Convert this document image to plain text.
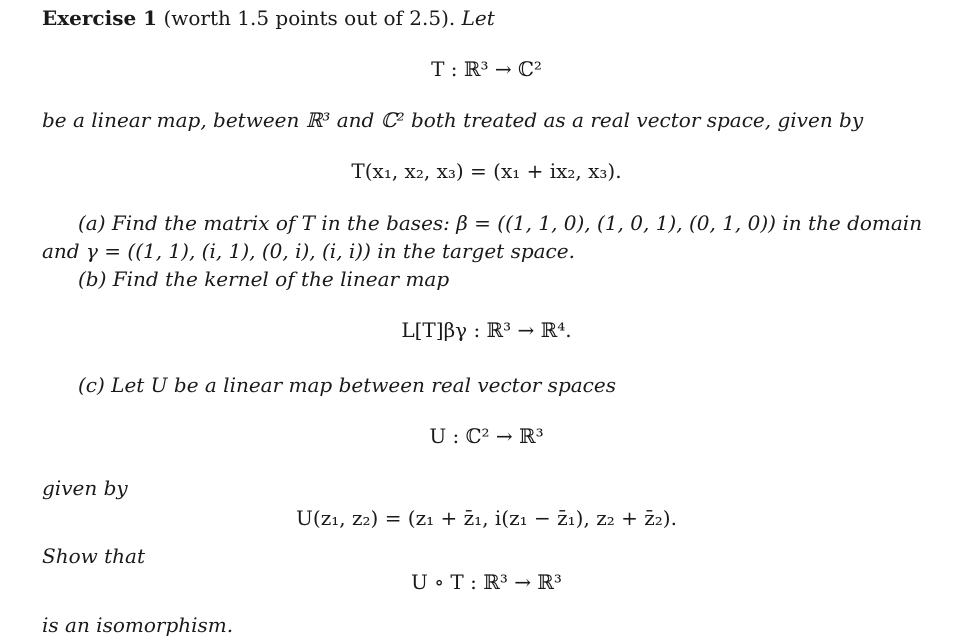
Exercise 1 (worth 1.5 points out of 2.5). Let
T : ℝ³ → ℂ²
be a linear map, between ℝ³ and ℂ² both treated as a real vector space, given by
T(x₁, x₂, x₃) = (x₁ + ix₂, x₃).
(a) Find the matrix of T in the bases: β = ((1, 1, 0), (1, 0, 1), (0, 1, 0)) in the domain
and γ = ((1, 1), (i, 1), (0, i), (i, i)) in the target space.
(b) Find the kernel of the linear map
L[T]βγ : ℝ³ → ℝ⁴.
(c) Let U be a linear map between real vector spaces
U : ℂ² → ℝ³
given by
U(z₁, z₂) = (z₁ + z̄₁, i(z₁ − z̄₁), z₂ + z̄₂).
Show that
U ∘ T : ℝ³ → ℝ³
is an isomorphism.
